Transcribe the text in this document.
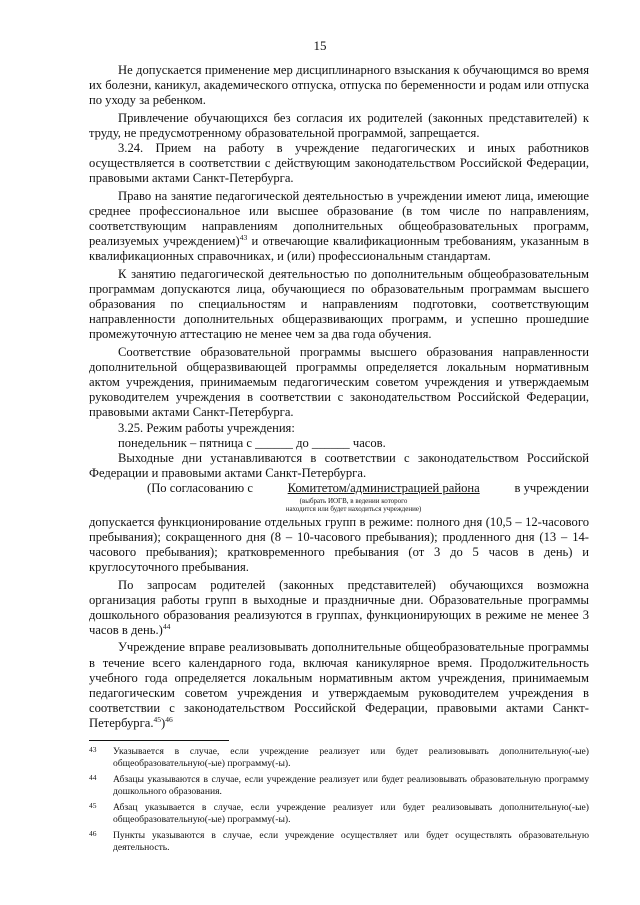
15

Не допускается применение мер дисциплинарного взыскания к обучающимся во время их болезни, каникул, академического отпуска, отпуска по беременности и родам или отпуска по уходу за ребенком.

Привлечение обучающихся без согласия их родителей (законных представителей) к труду, не предусмотренному образовательной программой, запрещается.

3.24. Прием на работу в учреждение педагогических и иных работников осуществляется в соответствии с действующим законодательством Российской Федерации, правовыми актами Санкт-Петербурга.

Право на занятие педагогической деятельностью в учреждении имеют лица, имеющие среднее профессиональное или высшее образование (в том числе по направлениям, соответствующим направлениям дополнительных общеобразовательных программ, реализуемых учреждением)$^{43}$ и отвечающие квалификационным требованиям, указанным в квалификационных справочниках, и (или) профессиональным стандартам.

К занятию педагогической деятельностью по дополнительным общеобразовательным программам допускаются лица, обучающиеся по образовательным программам высшего образования по специальностям и направлениям подготовки, соответствующим направленности дополнительных общеразвивающих программ, и успешно прошедшие промежуточную аттестацию не менее чем за два года обучения.

Соответствие образовательной программы высшего образования направленности дополнительной общеразвивающей программы определяется локальным нормативным актом учреждения, принимаемым педагогическим советом учреждения и утверждаемым руководителем учреждения в соответствии с законодательством Российской Федерации, правовыми актами Санкт-Петербурга.

3.25. Режим работы учреждения:

понедельник – пятница с ______ до ______ часов.

Выходные дни устанавливаются в соответствии с законодательством Российской Федерации и правовыми актами Санкт-Петербурга.

(По согласованию с	Комитетом/администрацией района	в учреждении

(выбрать ИОГВ, в ведении которого

находится или будет находиться учреждение)

допускается функционирование отдельных групп в режиме: полного дня (10,5 – 12-часового пребывания); сокращенного дня (8 – 10-часового пребывания); продленного дня (13 – 14-часового пребывания); кратковременного пребывания (от 3 до 5 часов в день) и круглосуточного пребывания.

По запросам родителей (законных представителей) обучающихся возможна организация работы групп в выходные и праздничные дни. Образовательные программы дошкольного образования реализуются в группах, функционирующих в режиме не менее 3 часов в день.)$^{44}$

Учреждение вправе реализовывать дополнительные общеобразовательные программы в течение всего календарного года, включая каникулярное время. Продолжительность учебного года определяется локальным нормативным актом учреждения, принимаемым педагогическим советом учреждения и утверждаемым руководителем учреждения в соответствии с законодательством Российской Федерации, правовыми актами Санкт-Петербурга.$^{45}$)$^{46}$

43	Указывается в случае, если учреждение реализует или будет реализовывать дополнительную(-ые) общеобразовательную(-ые) программу(-ы).
44	Абзацы указываются в случае, если учреждение реализует или будет реализовывать образовательную программу дошкольного образования.
45	Абзац указывается в случае, если учреждение реализует или будет реализовывать дополнительную(-ые) общеобразовательную(-ые) программу(-ы).
46	Пункты указываются в случае, если учреждение осуществляет или будет осуществлять образовательную деятельность.
